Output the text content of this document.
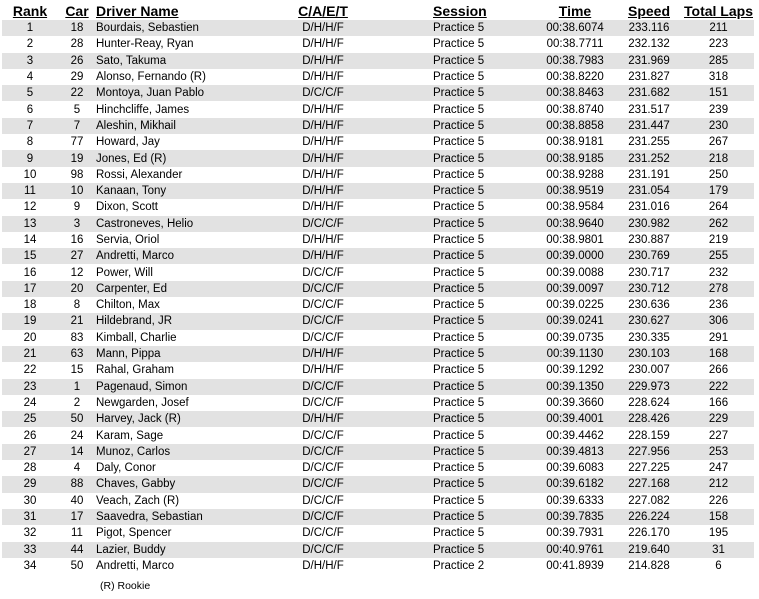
Rank	Car	Driver Name	C/A/E/T	Session	Time	Speed	Total Laps
1	18	Bourdais, Sebastien	D/H/H/F	Practice 5	00:38.6074	233.116	211
2	28	Hunter-Reay, Ryan	D/H/H/F	Practice 5	00:38.7711	232.132	223
3	26	Sato, Takuma	D/H/H/F	Practice 5	00:38.7983	231.969	285
4	29	Alonso, Fernando (R)	D/H/H/F	Practice 5	00:38.8220	231.827	318
5	22	Montoya, Juan Pablo	D/C/C/F	Practice 5	00:38.8463	231.682	151
6	5	Hinchcliffe, James	D/H/H/F	Practice 5	00:38.8740	231.517	239
7	7	Aleshin, Mikhail	D/H/H/F	Practice 5	00:38.8858	231.447	230
8	77	Howard, Jay	D/H/H/F	Practice 5	00:38.9181	231.255	267
9	19	Jones, Ed (R)	D/H/H/F	Practice 5	00:38.9185	231.252	218
10	98	Rossi, Alexander	D/H/H/F	Practice 5	00:38.9288	231.191	250
11	10	Kanaan, Tony	D/H/H/F	Practice 5	00:38.9519	231.054	179
12	9	Dixon, Scott	D/H/H/F	Practice 5	00:38.9584	231.016	264
13	3	Castroneves, Helio	D/C/C/F	Practice 5	00:38.9640	230.982	262
14	16	Servia, Oriol	D/H/H/F	Practice 5	00:38.9801	230.887	219
15	27	Andretti, Marco	D/H/H/F	Practice 5	00:39.0000	230.769	255
16	12	Power, Will	D/C/C/F	Practice 5	00:39.0088	230.717	232
17	20	Carpenter, Ed	D/C/C/F	Practice 5	00:39.0097	230.712	278
18	8	Chilton, Max	D/C/C/F	Practice 5	00:39.0225	230.636	236
19	21	Hildebrand, JR	D/C/C/F	Practice 5	00:39.0241	230.627	306
20	83	Kimball, Charlie	D/C/C/F	Practice 5	00:39.0735	230.335	291
21	63	Mann, Pippa	D/H/H/F	Practice 5	00:39.1130	230.103	168
22	15	Rahal, Graham	D/H/H/F	Practice 5	00:39.1292	230.007	266
23	1	Pagenaud, Simon	D/C/C/F	Practice 5	00:39.1350	229.973	222
24	2	Newgarden, Josef	D/C/C/F	Practice 5	00:39.3660	228.624	166
25	50	Harvey, Jack (R)	D/H/H/F	Practice 5	00:39.4001	228.426	229
26	24	Karam, Sage	D/C/C/F	Practice 5	00:39.4462	228.159	227
27	14	Munoz, Carlos	D/C/C/F	Practice 5	00:39.4813	227.956	253
28	4	Daly, Conor	D/C/C/F	Practice 5	00:39.6083	227.225	247
29	88	Chaves, Gabby	D/C/C/F	Practice 5	00:39.6182	227.168	212
30	40	Veach, Zach (R)	D/C/C/F	Practice 5	00:39.6333	227.082	226
31	17	Saavedra, Sebastian	D/C/C/F	Practice 5	00:39.7835	226.224	158
32	11	Pigot, Spencer	D/C/C/F	Practice 5	00:39.7931	226.170	195
33	44	Lazier, Buddy	D/C/C/F	Practice 5	00:40.9761	219.640	31
34	50	Andretti, Marco	D/H/H/F	Practice 2	00:41.8939	214.828	6
(R) Rookie
